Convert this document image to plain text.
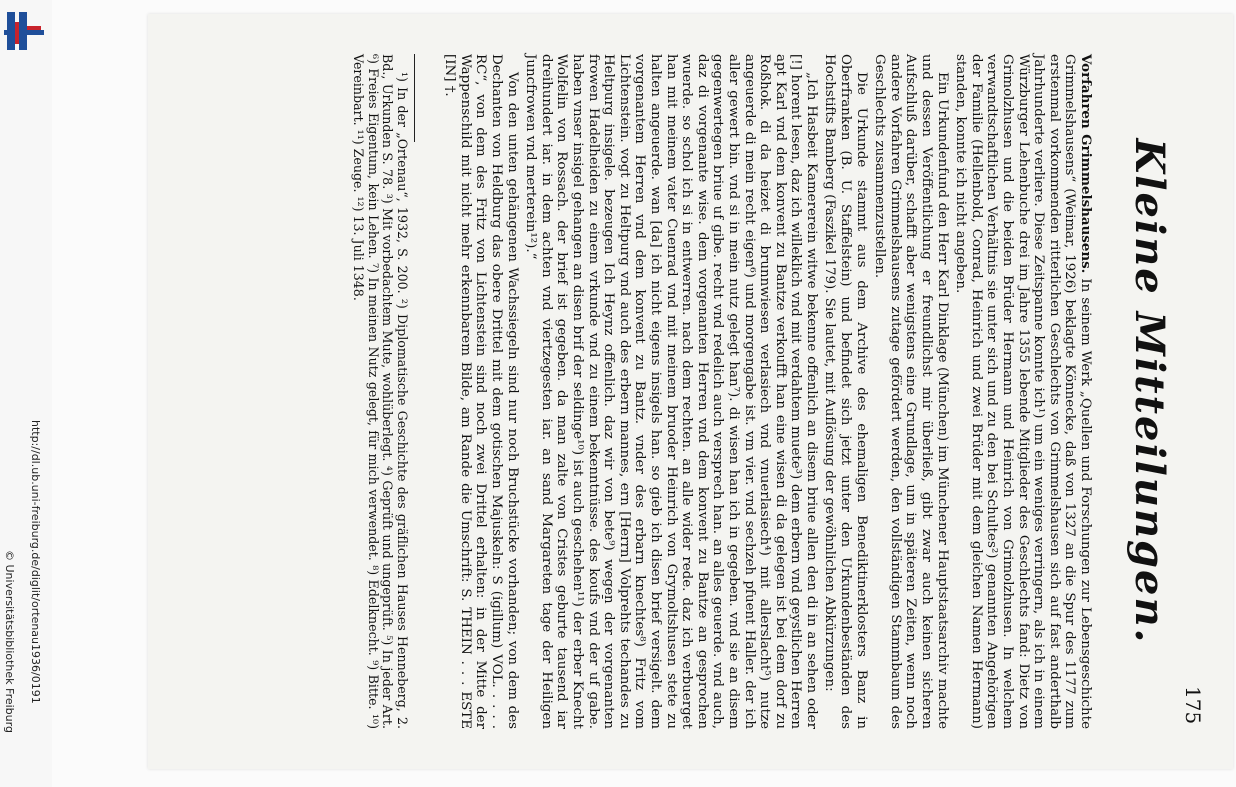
http://dl.ub.uni-freiburg.de/diglit/ortenau1936/0191
© Universitätsbibliothek Freiburg	175
Kleine Mitteilungen.

Vorfahren Grimmelshausens. In seinem Werk „Quellen und Forschungen zur Lebensgeschichte Grimmelshausens“ (Weimar, 1926) beklagte Könnecke, daß von 1327 an die Spur des 1177 zum erstenmal vorkommenden ritterlichen Geschlechts von Grimmelshausen sich auf fast anderthalb Jahrhunderte verliere. Diese Zeitspanne konnte ich¹) um ein weniges verringern, als ich in einem Würzburger Lehenbuche drei im Jahre 1355 lebende Mitglieder des Geschlechts fand: Dietz von Grimolzhusen und die beiden Brüder Hermann und Heinrich von Grimolzhusen. In welchem verwandtschaftlichen Verhältnis sie unter sich und zu den bei Schultes²) genannten Angehörigen der Familie (Hellenbold, Conrad, Heinrich und zwei Brüder mit dem gleichen Namen Hermann) standen, konnte ich nicht angeben.

Ein Urkundenfund den Herr Karl Dinklage (München) im Münchener Hauptstaatsarchiv machte und dessen Veröffentlichung er freundlichst mir überließ, gibt zwar auch keinen sicheren Aufschluß darüber, schafft aber wenigstens eine Grundlage, um in späteren Zeiten, wenn noch andere Vorfahren Grimmelshausens zutage gefördert werden, den vollständigen Stammbaum des Geschlechts zusammenzustellen.

Die Urkunde stammt aus dem Archive des ehemaligen Benediktinerklosters Banz in Oberfranken (B. U. Staffelstein) und befindet sich jetzt unter den Urkundenbeständen des Hochstifts Bamberg (Faszikel 179). Sie lautet, mit Auflösung der gewöhnlichen Abkürzungen:

„Ich Hasbeit Kamererein witwe bekenne offenlich an disem briue allen den di in an sehen oder [!] horent lesen, daz ich willeklich vnd mit verdahtem muete³) dem erbern vnd geystlichen Herren apt Karl vnd dem konvent zu Bantze verkoufft han eine wisen di da gelegen ist bei dem dorf zu Roßhok. di da heizet di brunnwiesen verlasiech vnd vnuerlasiech⁴) mit allerslacht⁵) nutze angeuerde di mein recht eigen⁶) und morgengabe ist. vm vier. vnd sechzeh pfuent Haller. der ich aller gewert bin. vnd si in mein nutz gelegt han⁷). di wisen han ich in gegeben. vnd sie an disem gegenwertegen briue uf gibe. recht vnd redelich auch versprech han. an alles geuerde. vnd auch, daz di vorgenante wise. dem vorgenanten Herren vnd dem konvent zu Bantze an gesprochen wuerde. so schol ich si in entwerren. nach dem rechten. an alle wider rede. daz ich verbuerget han mit meinem vater Cuenrad vnd mit meinem bruoder Heinrich von Grymoltshusen stete zu halten angeuerde. wan [da] ich nicht eigens insigels han. so gieb ich disen brief versigelt. dem vorgenantem Herren vnd dem konvent zu Bantz. vnder des erbarn knechtes⁸) Fritz vom Lichtenstein. vogt zu Heltpurg vnd auch des erbern mannes, ern [Herrn] Volprehts techandes zu Heltpurg insigele. bezeugen Ich Heynz offenlich. daz wir von bete⁹) wegen der vorgenanten frowen Hadelheiden zu einem vrkunde vnd zu einem bekenntnüsse. des kouf̄s vnd der uf gabe. haben vnser insigel gehangen an disen brif der seldinge¹⁰) ist auch geschehen¹¹) der erber Knecht Wolfelin von Rossach. der brief ist gegeben. da man zalte von Cristes geburte tausend iar dreihundert iar. in dem achten vnd viertzegesten iar. an sand Margareten tage der Heiligen Juncfrowen vnd merterein¹²).“

Von den unten gehängenen Wachssiegeln sind nur noch Bruchstücke vorhanden; von dem des Dechanten von Heldburg das obere Drittel mit dem gotischen Majuskeln: S (igillum) VOL. . . . . RC“, von dem des Fritz von Lichtenstein sind noch zwei Drittel erhalten: in der Mitte der Wappenschild mit nicht mehr erkennbarem Bilde, am Rande die Umschrift: S. THEIN . . . ESTE [IN] †.

¹) In der „Ortenau“, 1932, S. 200. ²) Diplomatische Geschichte des gräflichen Hauses Henneberg, 2. Bd., Urkunden S. 78. ³) Mit vorbedachtem Mute, wohlüberlegt. ⁴) Geprüft und ungeprüft. ⁵) In jeder Art. ⁶) Freies Eigentum, kein Lehen. ⁷) In meinen Nutz gelegt, für mich verwendet. ⁸) Edelknecht. ⁹) Bitte. ¹⁰) Vereinbart. ¹¹) Zeuge. ¹²) 13. Juli 1348.
